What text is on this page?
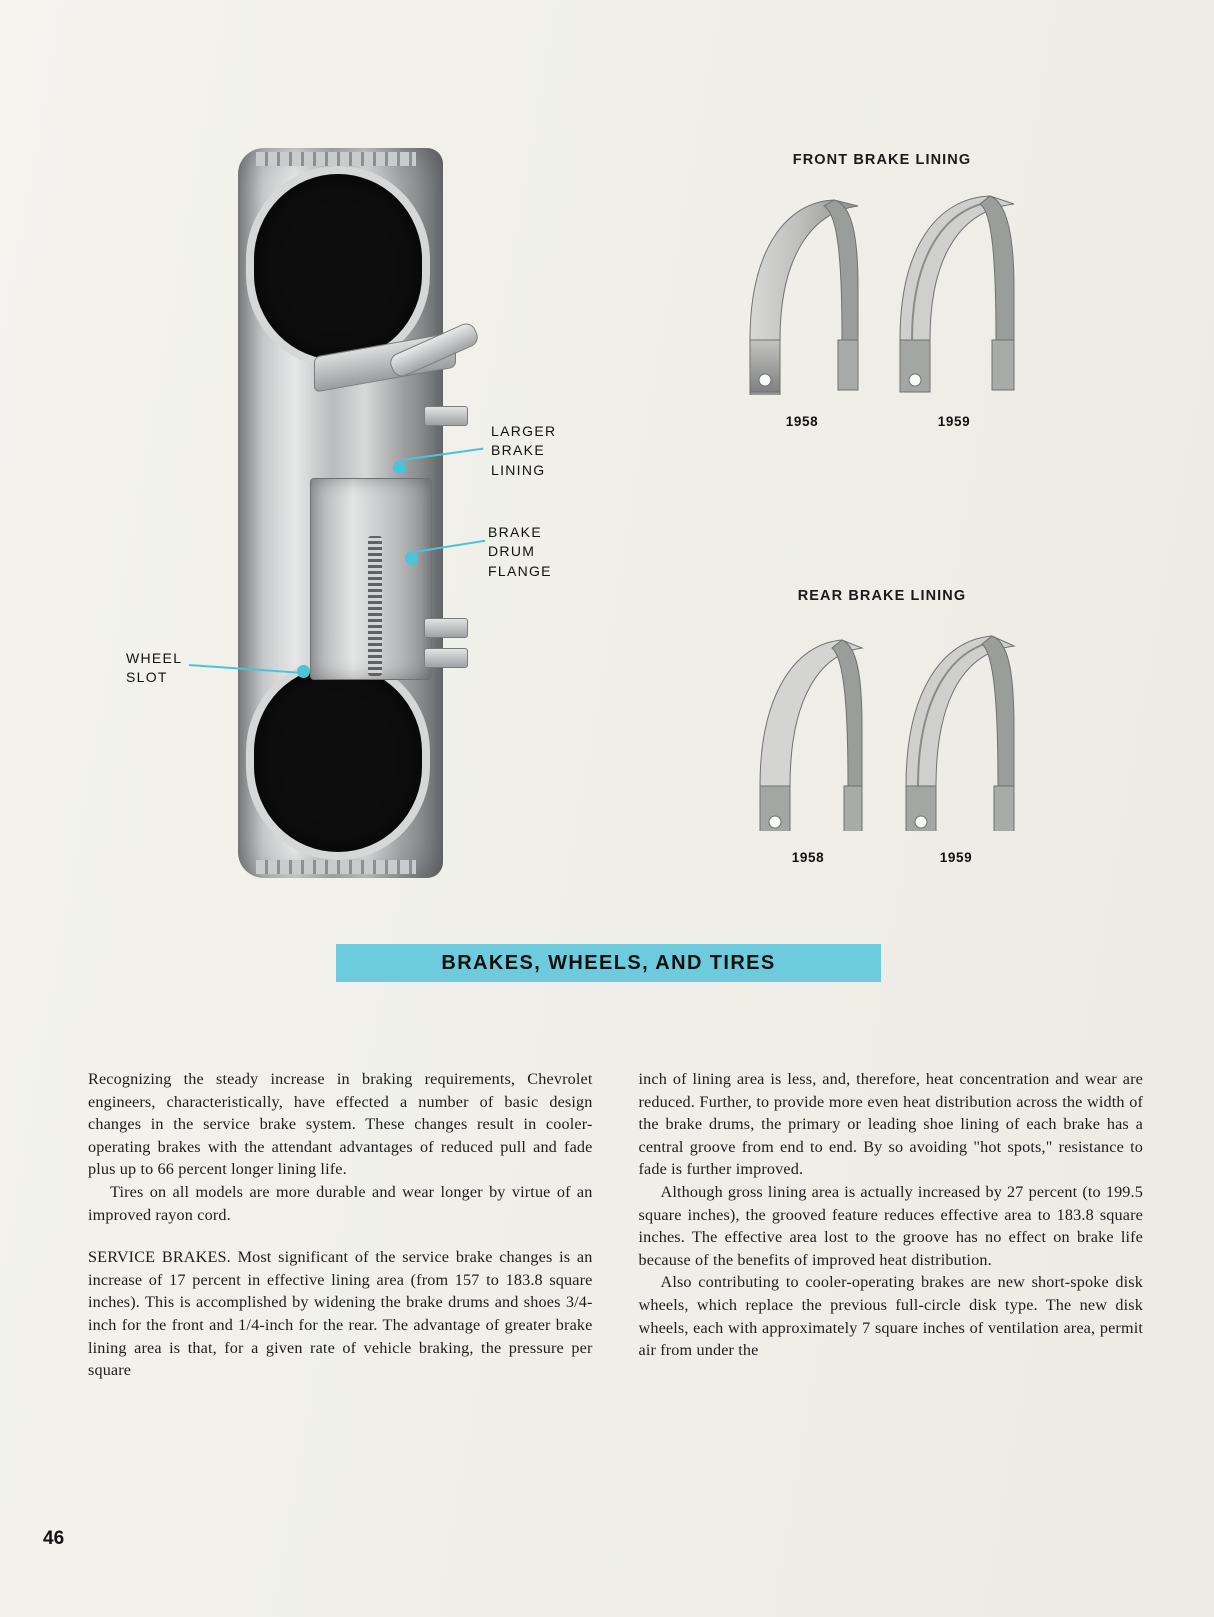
LARGER
BRAKE
LINING
BRAKE
DRUM
FLANGE
WHEEL
SLOT
FRONT BRAKE LINING
1958	1959
REAR BRAKE LINING
1958	1959
BRAKES, WHEELS, AND TIRES

Recognizing the steady increase in braking requirements, Chevrolet engineers, characteristically, have effected a number of basic design changes in the service brake system. These changes result in cooler-operating brakes with the attendant advantages of reduced pull and fade plus up to 66 percent longer lining life.

Tires on all models are more durable and wear longer by virtue of an improved rayon cord.

SERVICE BRAKES. Most significant of the service brake changes is an increase of 17 percent in effective lining area (from 157 to 183.8 square inches). This is accomplished by widening the brake drums and shoes 3/4-inch for the front and 1/4-inch for the rear. The advantage of greater brake lining area is that, for a given rate of vehicle braking, the pressure per square

inch of lining area is less, and, therefore, heat concentration and wear are reduced. Further, to provide more even heat distribution across the width of the brake drums, the primary or leading shoe lining of each brake has a central groove from end to end. By so avoiding "hot spots," resistance to fade is further improved.

Although gross lining area is actually increased by 27 percent (to 199.5 square inches), the grooved feature reduces effective area to 183.8 square inches. The effective area lost to the groove has no effect on brake life because of the benefits of improved heat distribution.

Also contributing to cooler-operating brakes are new short-spoke disk wheels, which replace the previous full-circle disk type. The new disk wheels, each with approximately 7 square inches of ventilation area, permit air from under the

46
